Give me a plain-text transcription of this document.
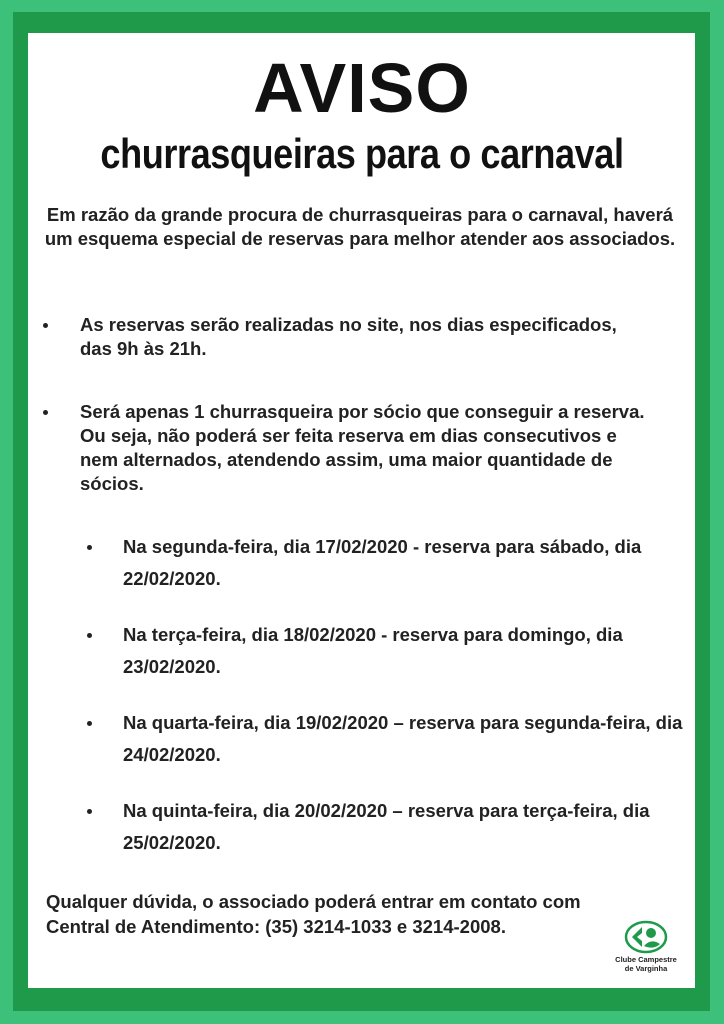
AVISO
churrasqueiras para o carnaval
Em razão da grande procura de churrasqueiras para o carnaval, haverá um esquema especial de reservas para melhor atender aos associados.
As reservas serão realizadas no site, nos dias especificados, das 9h às 21h.
Será apenas 1 churrasqueira por sócio que conseguir a reserva. Ou seja, não poderá ser feita reserva em dias consecutivos e nem alternados, atendendo assim, uma maior quantidade de sócios.
Na segunda-feira, dia 17/02/2020 - reserva para sábado, dia 22/02/2020.
Na terça-feira, dia 18/02/2020 - reserva para domingo, dia 23/02/2020.
Na quarta-feira, dia 19/02/2020 – reserva para segunda-feira, dia 24/02/2020.
Na quinta-feira, dia 20/02/2020 – reserva para terça-feira, dia 25/02/2020.
Qualquer dúvida, o associado poderá entrar em contato com Central de Atendimento: (35) 3214-1033 e 3214-2008.
Clube Campestre
de Varginha
